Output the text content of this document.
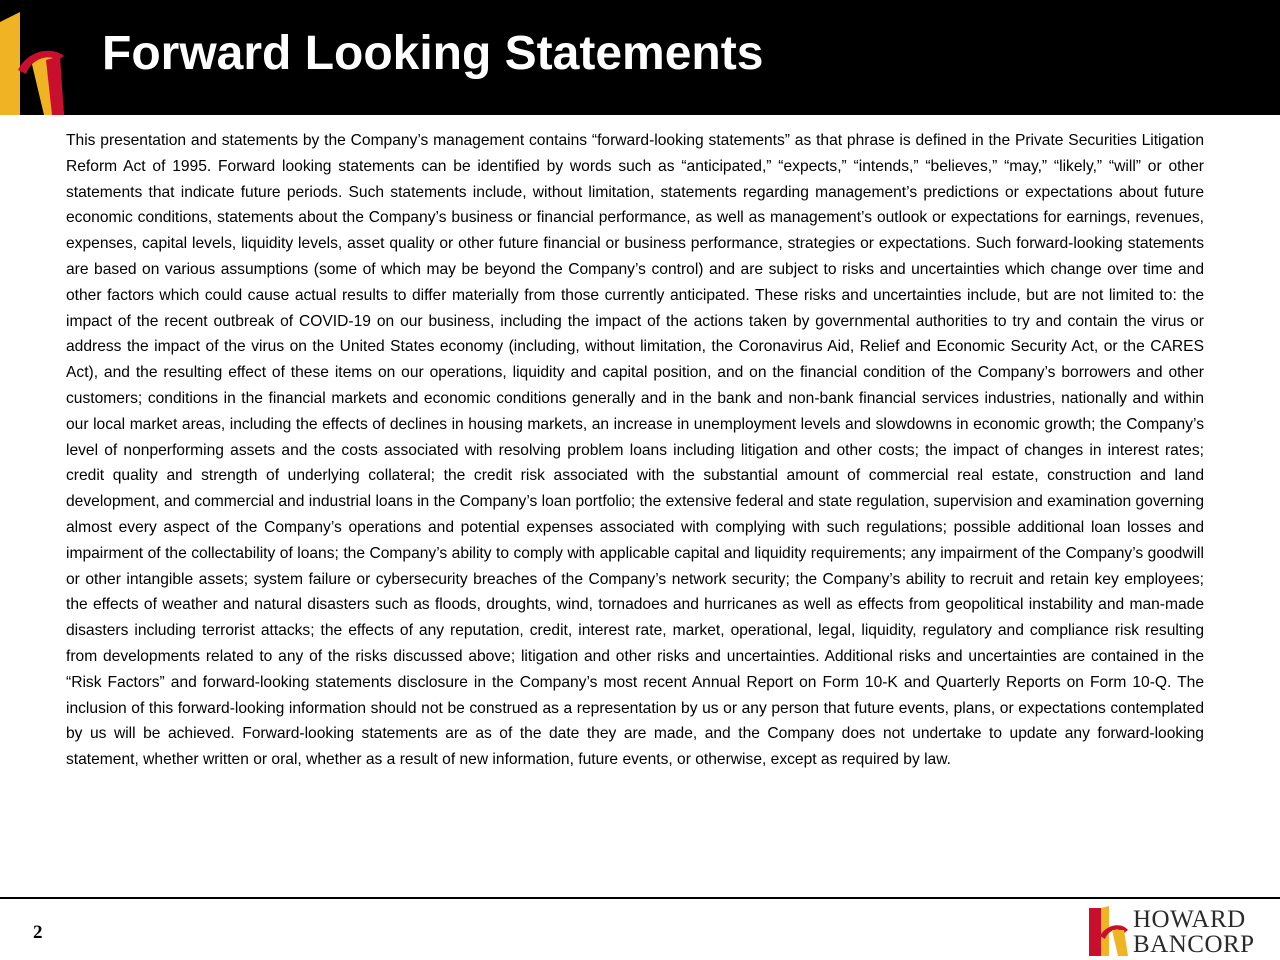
Forward Looking Statements

This presentation and statements by the Company’s management contains “forward-looking statements” as that phrase is defined in the Private Securities Litigation Reform Act of 1995. Forward looking statements can be identified by words such as “anticipated,” “expects,” “intends,” “believes,” “may,” “likely,” “will” or other statements that indicate future periods. Such statements include, without limitation, statements regarding management’s predictions or expectations about future economic conditions, statements about the Company’s business or financial performance, as well as management’s outlook or expectations for earnings, revenues, expenses, capital levels, liquidity levels, asset quality or other future financial or business performance, strategies or expectations. Such forward-looking statements are based on various assumptions (some of which may be beyond the Company’s control) and are subject to risks and uncertainties which change over time and other factors which could cause actual results to differ materially from those currently anticipated. These risks and uncertainties include, but are not limited to: the impact of the recent outbreak of COVID-19 on our business, including the impact of the actions taken by governmental authorities to try and contain the virus or address the impact of the virus on the United States economy (including, without limitation, the Coronavirus Aid, Relief and Economic Security Act, or the CARES Act), and the resulting effect of these items on our operations, liquidity and capital position, and on the financial condition of the Company’s borrowers and other customers; conditions in the financial markets and economic conditions generally and in the bank and non-bank financial services industries, nationally and within our local market areas, including the effects of declines in housing markets, an increase in unemployment levels and slowdowns in economic growth; the Company’s level of nonperforming assets and the costs associated with resolving problem loans including litigation and other costs; the impact of changes in interest rates; credit quality and strength of underlying collateral; the credit risk associated with the substantial amount of commercial real estate, construction and land development, and commercial and industrial loans in the Company’s loan portfolio; the extensive federal and state regulation, supervision and examination governing almost every aspect of the Company’s operations and potential expenses associated with complying with such regulations; possible additional loan losses and impairment of the collectability of loans; the Company’s ability to comply with applicable capital and liquidity requirements; any impairment of the Company’s goodwill or other intangible assets; system failure or cybersecurity breaches of the Company’s network security; the Company’s ability to recruit and retain key employees; the effects of weather and natural disasters such as floods, droughts, wind, tornadoes and hurricanes as well as effects from geopolitical instability and man-made disasters including terrorist attacks; the effects of any reputation, credit, interest rate, market, operational, legal, liquidity, regulatory and compliance risk resulting from developments related to any of the risks discussed above; litigation and other risks and uncertainties. Additional risks and uncertainties are contained in the “Risk Factors” and forward-looking statements disclosure in the Company’s most recent Annual Report on Form 10-K and Quarterly Reports on Form 10-Q. The inclusion of this forward-looking information should not be construed as a representation by us or any person that future events, plans, or expectations contemplated by us will be achieved. Forward-looking statements are as of the date they are made, and the Company does not undertake to update any forward-looking statement, whether written or oral, whether as a result of new information, future events, or otherwise, except as required by law.

2	HOWARD
BANCORP
